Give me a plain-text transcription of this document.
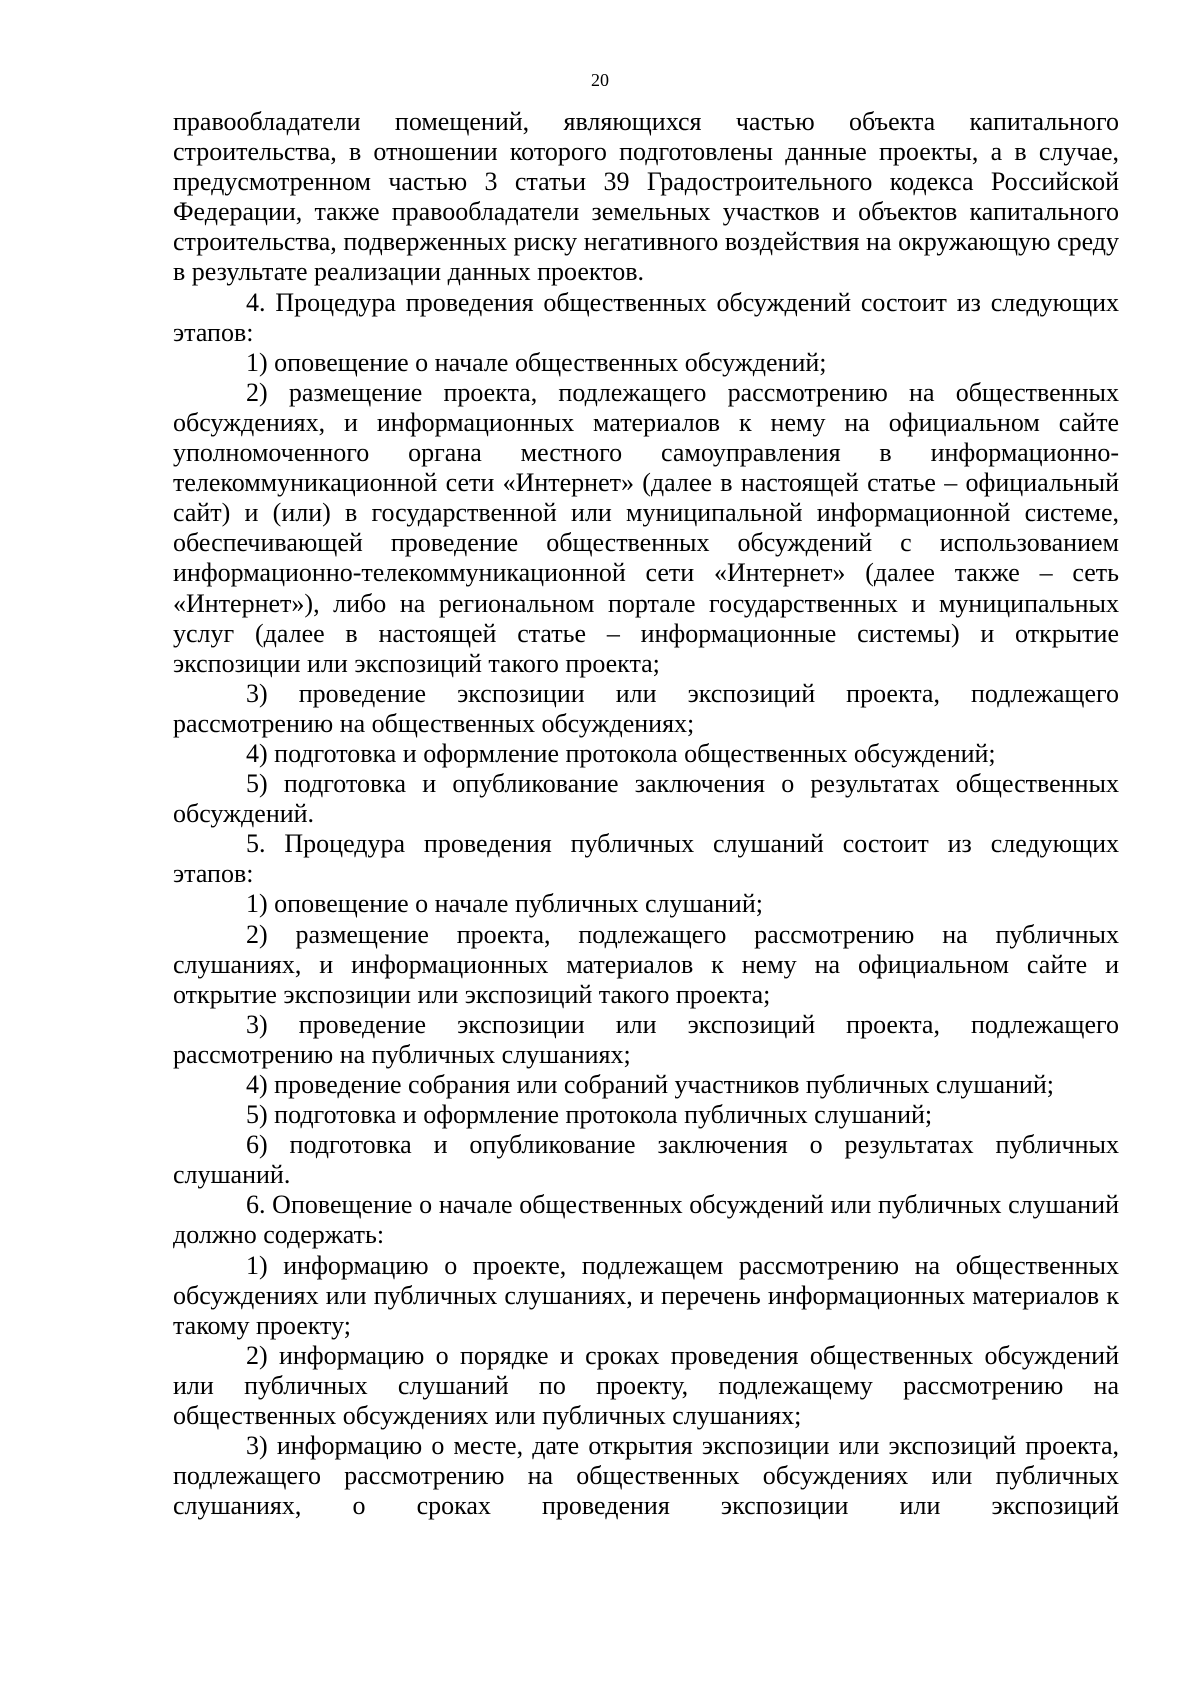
20

правообладатели помещений, являющихся частью объекта капитального строительства, в отношении которого подготовлены данные проекты, а в случае, предусмотренном частью 3 статьи 39 Градостроительного кодекса Российской Федерации, также правообладатели земельных участков и объектов капитального строительства, подверженных риску негативного воздействия на окружающую среду в результате реализации данных проектов.

4. Процедура проведения общественных обсуждений состоит из следующих этапов:

1) оповещение о начале общественных обсуждений;

2) размещение проекта, подлежащего рассмотрению на общественных обсуждениях, и информационных материалов к нему на официальном сайте уполномоченного органа местного самоуправления в информационно-телекоммуникационной сети «Интернет» (далее в настоящей статье – официальный сайт) и (или) в государственной или муниципальной информационной системе, обеспечивающей проведение общественных обсуждений с использованием информационно-телекоммуникационной сети «Интернет» (далее также – сеть «Интернет»), либо на региональном портале государственных и муниципальных услуг (далее в настоящей статье – информационные системы) и открытие экспозиции или экспозиций такого проекта;

3) проведение экспозиции или экспозиций проекта, подлежащего рассмотрению на общественных обсуждениях;

4) подготовка и оформление протокола общественных обсуждений;

5) подготовка и опубликование заключения о результатах общественных обсуждений.

5. Процедура проведения публичных слушаний состоит из следующих этапов:

1) оповещение о начале публичных слушаний;

2) размещение проекта, подлежащего рассмотрению на публичных слушаниях, и информационных материалов к нему на официальном сайте и открытие экспозиции или экспозиций такого проекта;

3) проведение экспозиции или экспозиций проекта, подлежащего рассмотрению на публичных слушаниях;

4) проведение собрания или собраний участников публичных слушаний;

5) подготовка и оформление протокола публичных слушаний;

6) подготовка и опубликование заключения о результатах публичных слушаний.

6. Оповещение о начале общественных обсуждений или публичных слушаний должно содержать:

1) информацию о проекте, подлежащем рассмотрению на общественных обсуждениях или публичных слушаниях, и перечень информационных материалов к такому проекту;

2) информацию о порядке и сроках проведения общественных обсуждений или публичных слушаний по проекту, подлежащему рассмотрению на общественных обсуждениях или публичных слушаниях;

3) информацию о месте, дате открытия экспозиции или экспозиций проекта, подлежащего рассмотрению на общественных обсуждениях или публичных слушаниях, о сроках проведения экспозиции или экспозиций
